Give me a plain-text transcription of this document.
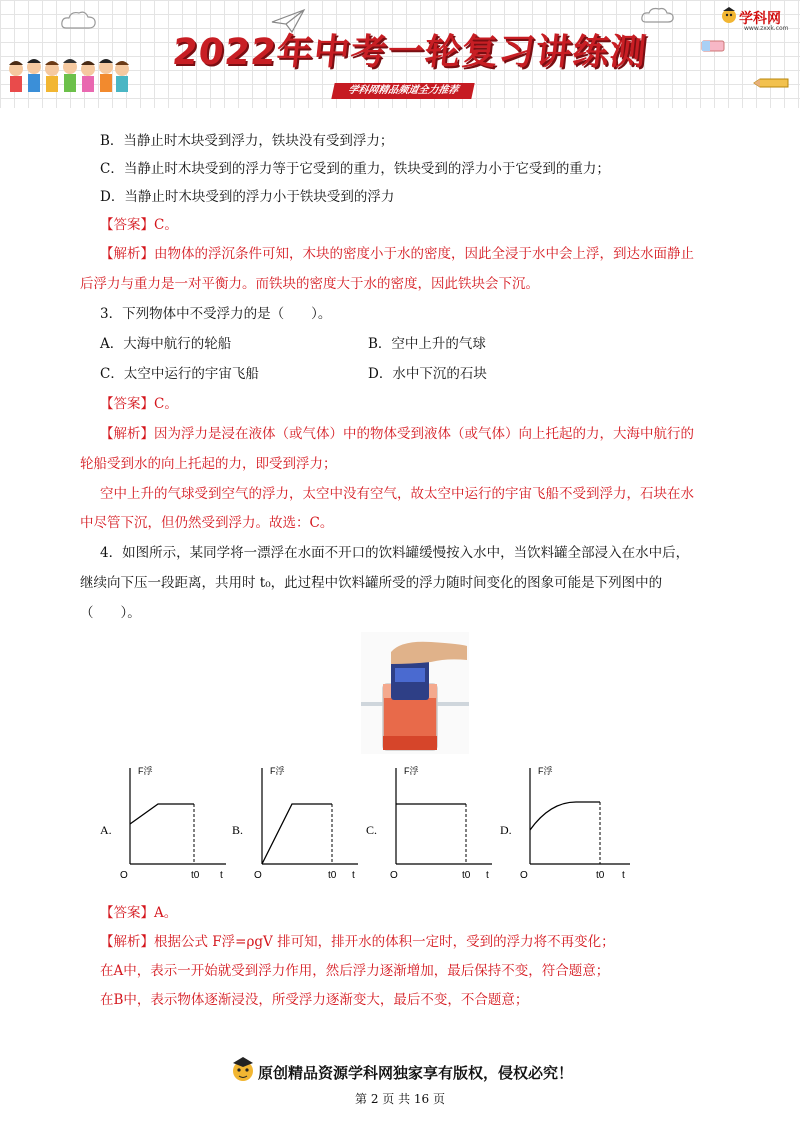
2022年中考一轮复习讲练测
学科网精品频道全力推荐
学科网
www.zxxk.com
B．当静止时木块受到浮力，铁块没有受到浮力；
C．当静止时木块受到的浮力等于它受到的重力，铁块受到的浮力小于它受到的重力；
D．当静止时木块受到的浮力小于铁块受到的浮力
【答案】C。
【解析】由物体的浮沉条件可知，木块的密度小于水的密度，因此全浸于水中会上浮，到达水面静止
后浮力与重力是一对平衡力。而铁块的密度大于水的密度，因此铁块会下沉。
3．下列物体中不受浮力的是（　　）。
A．大海中航行的轮船	B．空中上升的气球
C．太空中运行的宇宙飞船	D．水中下沉的石块
【答案】C。
【解析】因为浮力是浸在液体（或气体）中的物体受到液体（或气体）向上托起的力，大海中航行的
轮船受到水的向上托起的力，即受到浮力；
空中上升的气球受到空气的浮力，太空中没有空气，故太空中运行的宇宙飞船不受到浮力，石块在水
中尽管下沉，但仍然受到浮力。故选：C。
4．如图所示，某同学将一漂浮在水面不开口的饮料罐缓慢按入水中，当饮料罐全部浸入在水中后，
继续向下压一段距离，共用时 t₀，此过程中饮料罐所受的浮力随时间变化的图象可能是下列图中的
（　　）。
A.
F浮
O	t0 t
B.
F浮
O	t0 t
C.
F浮
O	t0 t
D.
F浮
O	t0 t
【答案】A。
【解析】根据公式 F浮=ρgV 排可知，排开水的体积一定时，受到的浮力将不再变化；
在A中，表示一开始就受到浮力作用，然后浮力逐渐增加，最后保持不变，符合题意；
在B中，表示物体逐渐浸没，所受浮力逐渐变大，最后不变，不合题意；
原创精品资源学科网独家享有版权，侵权必究！
第 2 页 共 16 页
